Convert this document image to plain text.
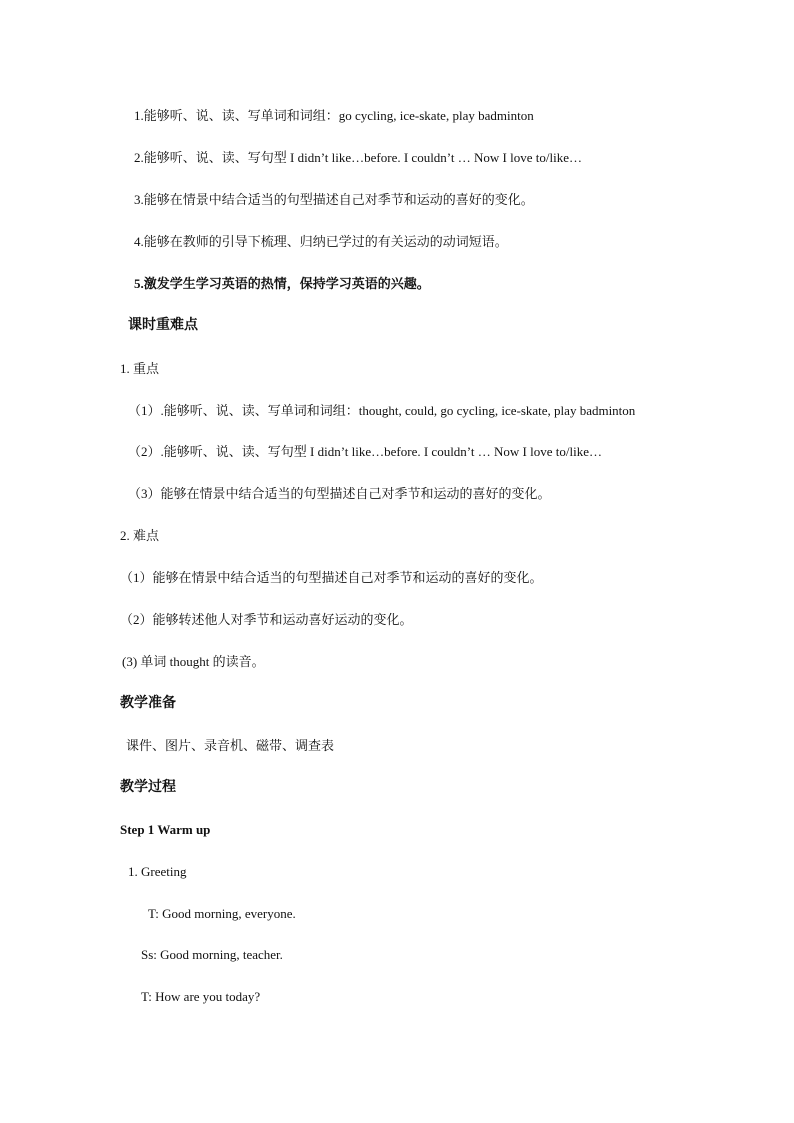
1.能够听、说、读、写单词和词组：go cycling, ice-skate, play badminton
2.能够听、说、读、写句型 I didn’t like…before. I couldn’t … Now I love to/like…
3.能够在情景中结合适当的句型描述自己对季节和运动的喜好的变化。
4.能够在教师的引导下梳理、归纳已学过的有关运动的动词短语。
5.激发学生学习英语的热情，保持学习英语的兴趣。
课时重难点
1. 重点
（1）.能够听、说、读、写单词和词组：thought, could, go cycling, ice-skate, play badminton
（2）.能够听、说、读、写句型 I didn’t like…before. I couldn’t … Now I love to/like…
（3）能够在情景中结合适当的句型描述自己对季节和运动的喜好的变化。
2. 难点
（1）能够在情景中结合适当的句型描述自己对季节和运动的喜好的变化。
（2）能够转述他人对季节和运动喜好运动的变化。
(3) 单词 thought 的读音。
教学准备
课件、图片、录音机、磁带、调查表
教学过程
Step 1 Warm up
1. Greeting
T: Good morning, everyone.
Ss: Good morning, teacher.
T: How are you today?
